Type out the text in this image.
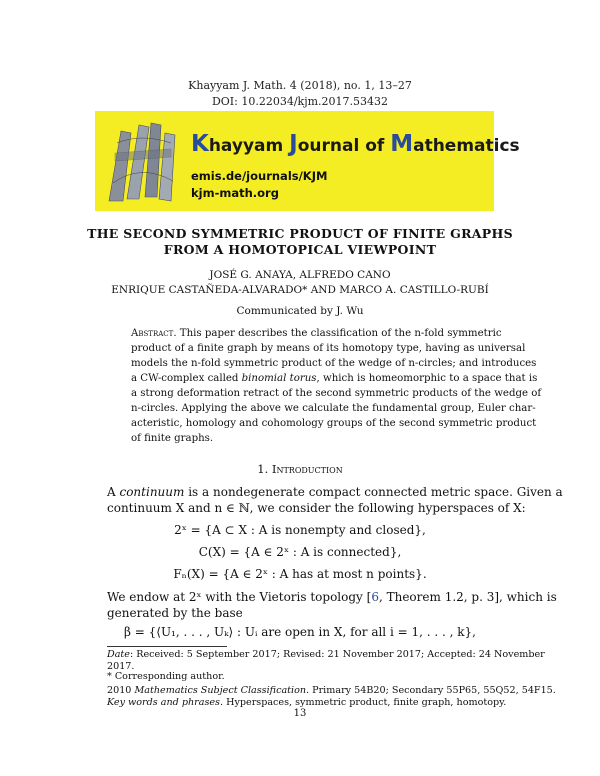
Khayyam J. Math. 4 (2018), no. 1, 13–27
DOI: 10.22034/kjm.2017.53432
Khayyam Journal of Mathematics
emis.de/journals/KJM
kjm-math.org
THE SECOND SYMMETRIC PRODUCT OF FINITE GRAPHS
FROM A HOMOTOPICAL VIEWPOINT
JOSÉ G. ANAYA, ALFREDO CANO
ENRIQUE CASTAÑEDA-ALVARADO* AND MARCO A. CASTILLO-RUBÍ
Communicated by J. Wu
Abstract. This paper describes the classification of the n-fold symmetric
product of a finite graph by means of its homotopy type, having as universal
models the n-fold symmetric product of the wedge of n-circles; and introduces
a CW-complex called binomial torus, which is homeomorphic to a space that is
a strong deformation retract of the second symmetric products of the wedge of
n-circles. Applying the above we calculate the fundamental group, Euler char-
acteristic, homology and cohomology groups of the second symmetric product
of finite graphs.
1. Introduction
A continuum is a nondegenerate compact connected metric space. Given a
continuum X and n ∈ ℕ, we consider the following hyperspaces of X:
2ˣ = {A ⊂ X : A is nonempty and closed},
C(X) = {A ∈ 2ˣ : A is connected},
Fₙ(X) = {A ∈ 2ˣ : A has at most n points}.
We endow at 2ˣ with the Vietoris topology [6, Theorem 1.2, p. 3], which is
generated by the base
β = {⟨U₁, . . . , Uₖ⟩ : Uᵢ are open in X, for all i = 1, . . . , k},
Date: Received: 5 September 2017; Revised: 21 November 2017; Accepted: 24 November
2017.
* Corresponding author.
2010 Mathematics Subject Classification. Primary 54B20; Secondary 55P65, 55Q52, 54F15.
Key words and phrases. Hyperspaces, symmetric product, finite graph, homotopy.
13
